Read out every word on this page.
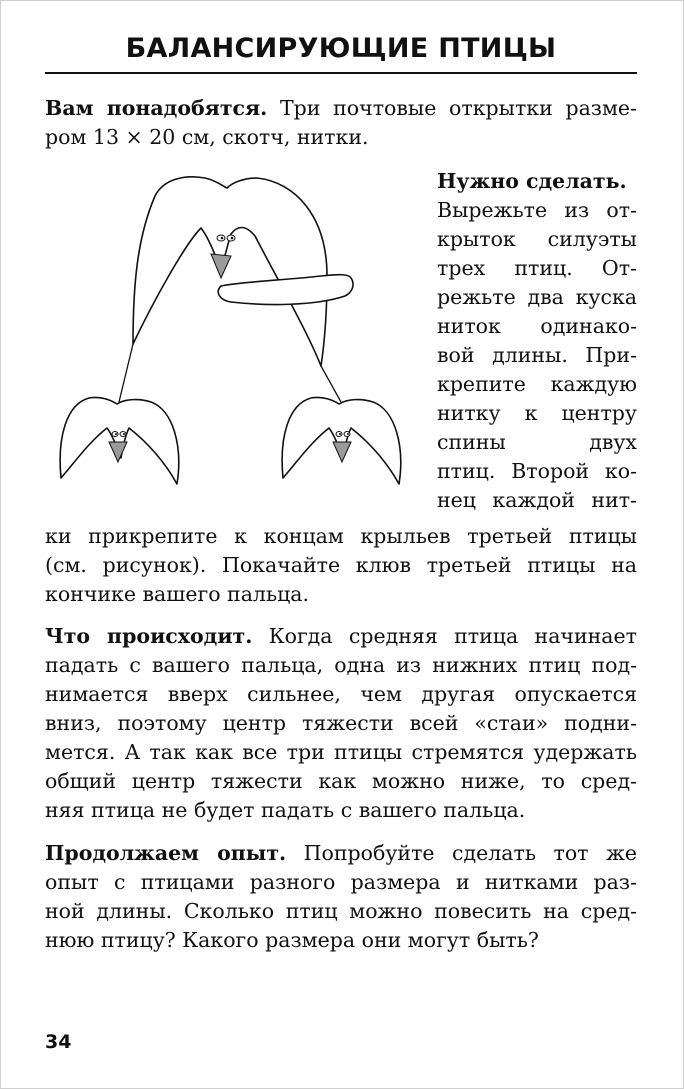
БАЛАНСИРУЮЩИЕ ПТИЦЫ
Вам понадобятся. Три почтовые открытки разме-
ром 13 × 20 см, скотч, нитки.
Нужно сделать.
Вырежьте из от-
крыток силуэты
трех птиц. От-
режьте два куска
ниток одинако-
вой длины. При-
крепите каждую
нитку к центру
спины двух
птиц. Второй ко-
нец каждой нит-
ки прикрепите к концам крыльев третьей птицы
(см. рисунок). Покачайте клюв третьей птицы на
кончике вашего пальца.
Что происходит. Когда средняя птица начинает
падать с вашего пальца, одна из нижних птиц под-
нимается вверх сильнее, чем другая опускается
вниз, поэтому центр тяжести всей «стаи» подни-
мется. А так как все три птицы стремятся удержать
общий центр тяжести как можно ниже, то сред-
няя птица не будет падать с вашего пальца.
Продолжаем опыт. Попробуйте сделать тот же
опыт с птицами разного размера и нитками раз-
ной длины. Сколько птиц можно повесить на сред-
нюю птицу? Какого размера они могут быть?
34
